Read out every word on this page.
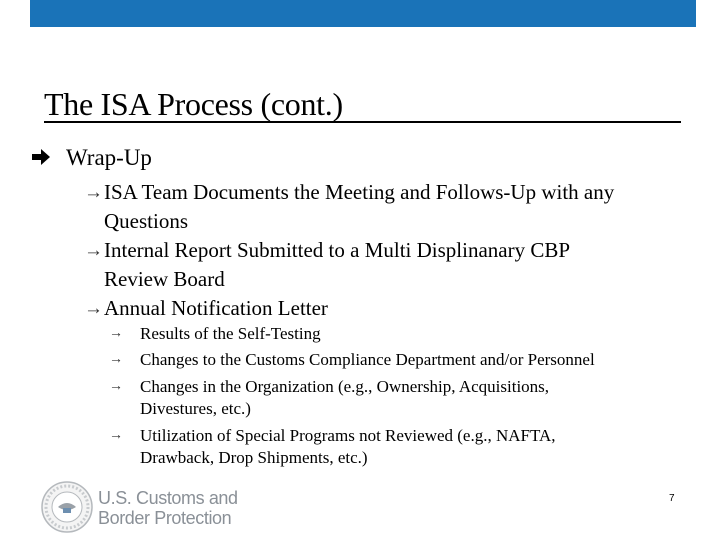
The ISA Process (cont.)
Wrap-Up
→ ISA Team Documents the Meeting and Follows-Up with any
Questions
→ Internal Report Submitted to a Multi Displinanary CBP
Review Board
→ Annual Notification Letter
→ Results of the Self-Testing
→ Changes to the Customs Compliance Department and/or Personnel
→ Changes in the Organization (e.g., Ownership, Acquisitions,
Divestures, etc.)
→ Utilization of Special Programs not Reviewed (e.g., NAFTA,
Drawback, Drop Shipments, etc.)
U.S. Customs and
Border Protection
7
